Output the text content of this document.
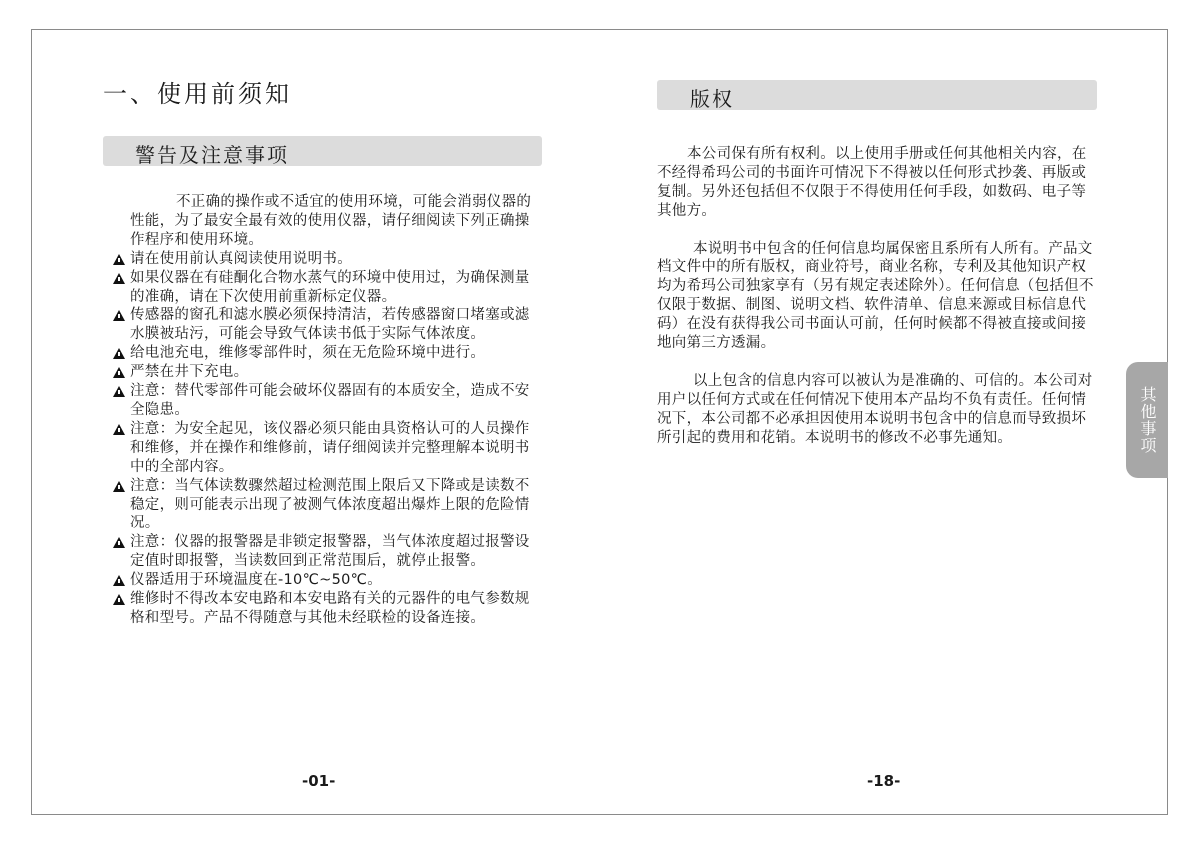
一、使用前须知
警告及注意事项

不正确的操作或不适宜的使用环境，可能会消弱仪器的性能，为了最安全最有效的使用仪器，请仔细阅读下列正确操作程序和使用环境。

请在使用前认真阅读使用说明书。
如果仪器在有硅酮化合物水蒸气的环境中使用过，为确保测量的准确，请在下次使用前重新标定仪器。
传感器的窗孔和滤水膜必须保持清洁，若传感器窗口堵塞或滤水膜被玷污，可能会导致气体读书低于实际气体浓度。
给电池充电，维修零部件时，须在无危险环境中进行。
严禁在井下充电。
注意：替代零部件可能会破坏仪器固有的本质安全，造成不安全隐患。
注意：为安全起见，该仪器必须只能由具资格认可的人员操作和维修，并在操作和维修前，请仔细阅读并完整理解本说明书中的全部内容。
注意：当气体读数骤然超过检测范围上限后又下降或是读数不稳定，则可能表示出现了被测气体浓度超出爆炸上限的危险情况。
注意：仪器的报警器是非锁定报警器，当气体浓度超过报警设定值时即报警，当读数回到正常范围后，就停止报警。
仪器适用于环境温度在-10℃~50℃。
维修时不得改本安电路和本安电路有关的元器件的电气参数规格和型号。产品不得随意与其他未经联检的设备连接。
-01-
版权

本公司保有所有权利。以上使用手册或任何其他相关内容，在不经得希玛公司的书面许可情况下不得被以任何形式抄袭、再版或复制。另外还包括但不仅限于不得使用任何手段，如数码、电子等其他方。

本说明书中包含的任何信息均属保密且系所有人所有。产品文档文件中的所有版权，商业符号，商业名称，专利及其他知识产权均为希玛公司独家享有（另有规定表述除外）。任何信息（包括但不仅限于数据、制图、说明文档、软件清单、信息来源或目标信息代码）在没有获得我公司书面认可前，任何时候都不得被直接或间接地向第三方透漏。

以上包含的信息内容可以被认为是准确的、可信的。本公司对用户以任何方式或在任何情况下使用本产品均不负有责任。任何情况下，本公司都不必承担因使用本说明书包含中的信息而导致损坏所引起的费用和花销。本说明书的修改不必事先通知。

-18-
其他事项
